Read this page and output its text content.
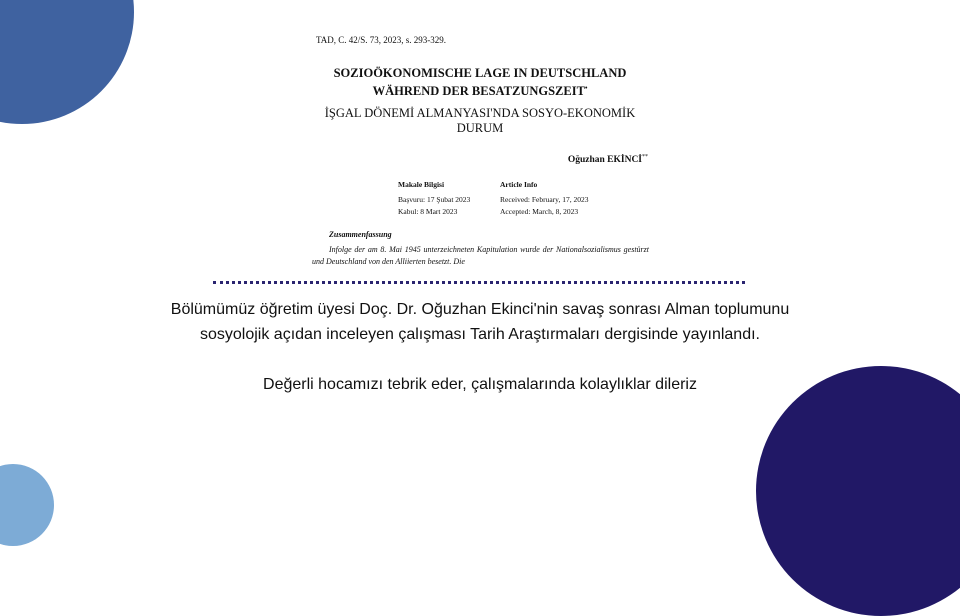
TAD, C. 42/S. 73, 2023, s. 293-329.
SOZIOÖKONOMISCHE LAGE IN DEUTSCHLAND
WÄHREND DER BESATZUNGSZEIT•
İŞGAL DÖNEMİ ALMANYASI'NDA SOSYO-EKONOMİK
DURUM
Oğuzhan EKİNCİ**
Makale Bilgisi
Başvuru: 17 Şubat 2023
Kabul: 8 Mart 2023
Article Info
Received: February, 17, 2023
Accepted: March, 8, 2023
Zusammenfassung
Infolge der am 8. Mai 1945 unterzeichneten Kapitulation wurde der Nationalsozialismus gestürzt und Deutschland von den Alliierten besetzt. Die

Bölümümüz öğretim üyesi Doç. Dr. Oğuzhan Ekinci'nin savaş sonrası Alman toplumunu sosyolojik açıdan inceleyen çalışması Tarih Araştırmaları dergisinde yayınlandı.

Değerli hocamızı tebrik eder, çalışmalarında kolaylıklar dileriz
